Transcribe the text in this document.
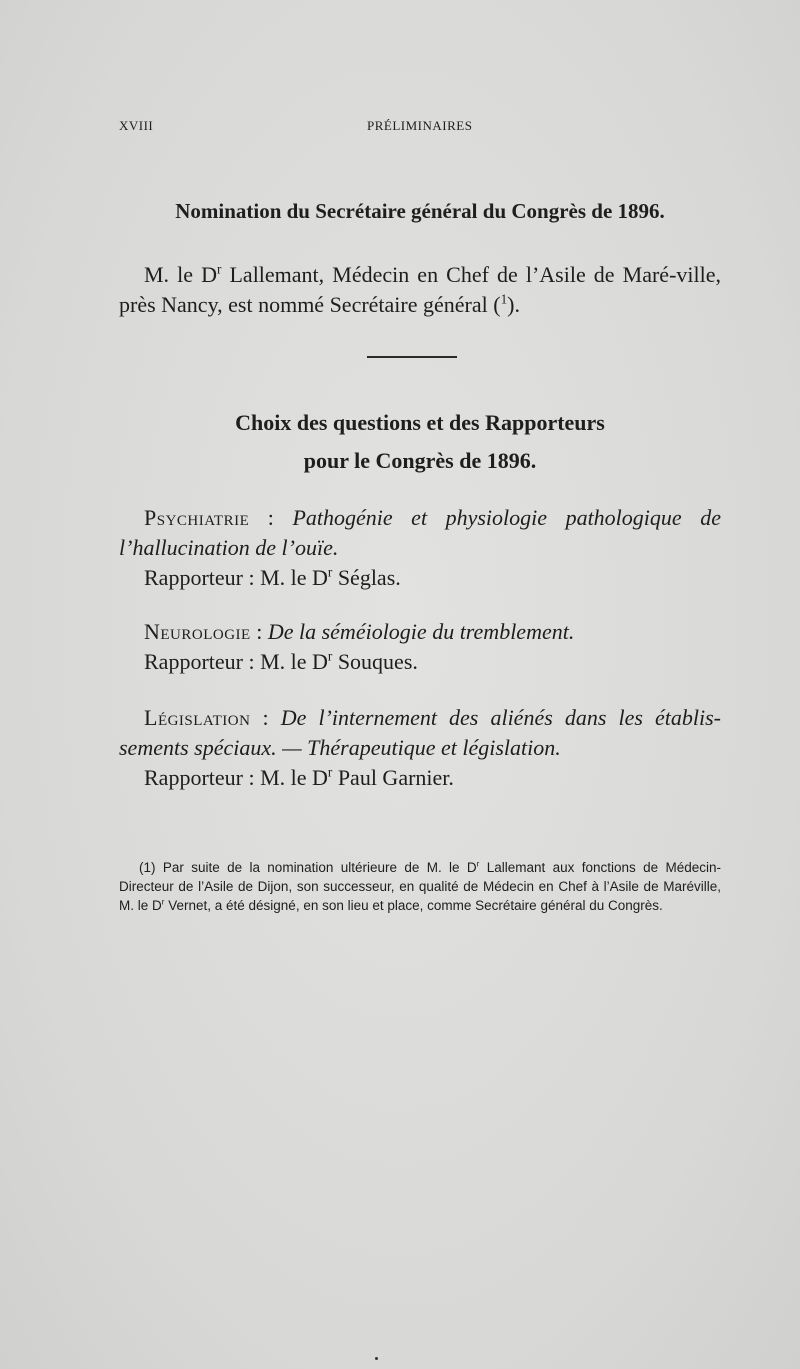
XVIII	PRÉLIMINAIRES
Nomination du Secrétaire général du Congrès de 1896.
M. le $D^r$ Lallemant, Médecin en Chef de l’Asile de Maré-ville, près Nancy, est nommé Secrétaire général ($^1$).
Choix des questions et des Rapporteurs
pour le Congrès de 1896.
Psychiatrie : Pathogénie et physiologie pathologique de l’hallucination de l’ouïe.
Rapporteur : M. le $D^r$ Séglas.
Neurologie : De la séméiologie du tremblement.
Rapporteur : M. le $D^r$ Souques.
Législation : De l’internement des aliénés dans les établis-sements spéciaux. — Thérapeutique et législation.
Rapporteur : M. le $D^r$ Paul Garnier.
(1) Par suite de la nomination ultérieure de M. le $D^r$ Lallemant aux fonctions de Médecin-Directeur de l’Asile de Dijon, son successeur, en qualité de Médecin en Chef à l’Asile de Maréville, M. le $D^r$ Vernet, a été désigné, en son lieu et place, comme Secrétaire général du Congrès.
